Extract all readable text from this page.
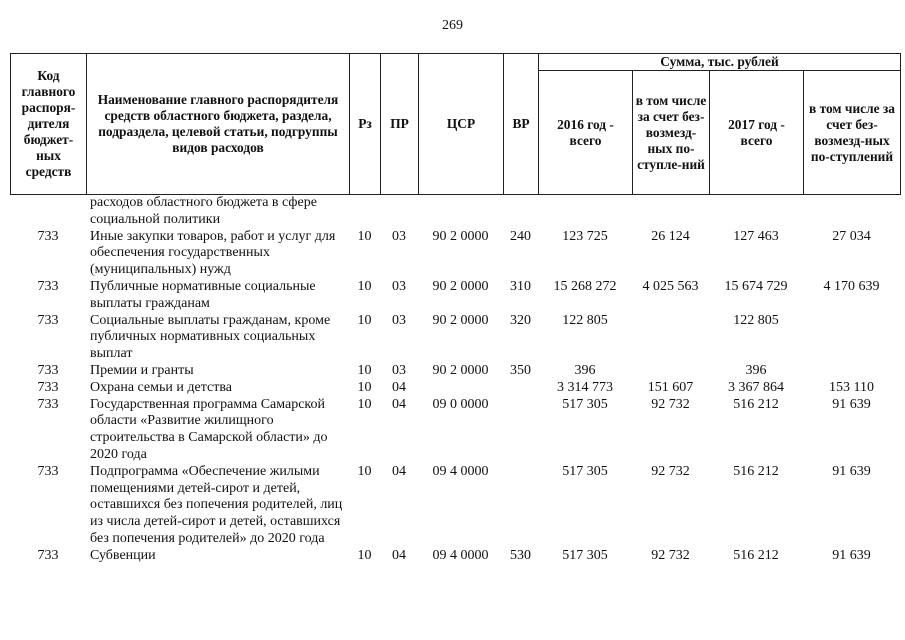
269
Код главного распоря-дителя бюджет-ных средств	Наименование главного распорядителя средств областного бюджета, раздела, подраздела, целевой статьи, подгруппы видов расходов	Рз	ПР	ЦСР	ВР	Сумма, тыс. рублей			
						2016 год - всего	в том числе за счет без-возмезд-ных по-ступле-ний	2017 год - всего	в том числе за счет без-возмезд-ных по-ступлений
	расходов областного бюджета в сфере социальной политики								
733	Иные закупки товаров, работ и услуг для обеспечения государственных (муниципальных) нужд	10	03	90 2 0000	240	123 725	26 124	127 463	27 034
733	Публичные нормативные социальные выплаты гражданам	10	03	90 2 0000	310	15 268 272	4 025 563	15 674 729	4 170 639
733	Социальные выплаты гражданам, кроме публичных нормативных социальных выплат	10	03	90 2 0000	320	122 805		122 805	
733	Премии и гранты	10	03	90 2 0000	350	396		396	
733	Охрана семьи и детства	10	04			3 314 773	151 607	3 367 864	153 110
733	Государственная программа Самарской области «Развитие жилищного строительства в Самарской области» до 2020 года	10	04	09 0 0000		517 305	92 732	516 212	91 639
733	Подпрограмма «Обеспечение жилыми помещениями детей-сирот и детей, оставшихся без попечения родителей, лиц из числа детей-сирот и детей, оставшихся без попечения родителей» до 2020 года	10	04	09 4 0000		517 305	92 732	516 212	91 639
733	Субвенции	10	04	09 4 0000	530	517 305	92 732	516 212	91 639
